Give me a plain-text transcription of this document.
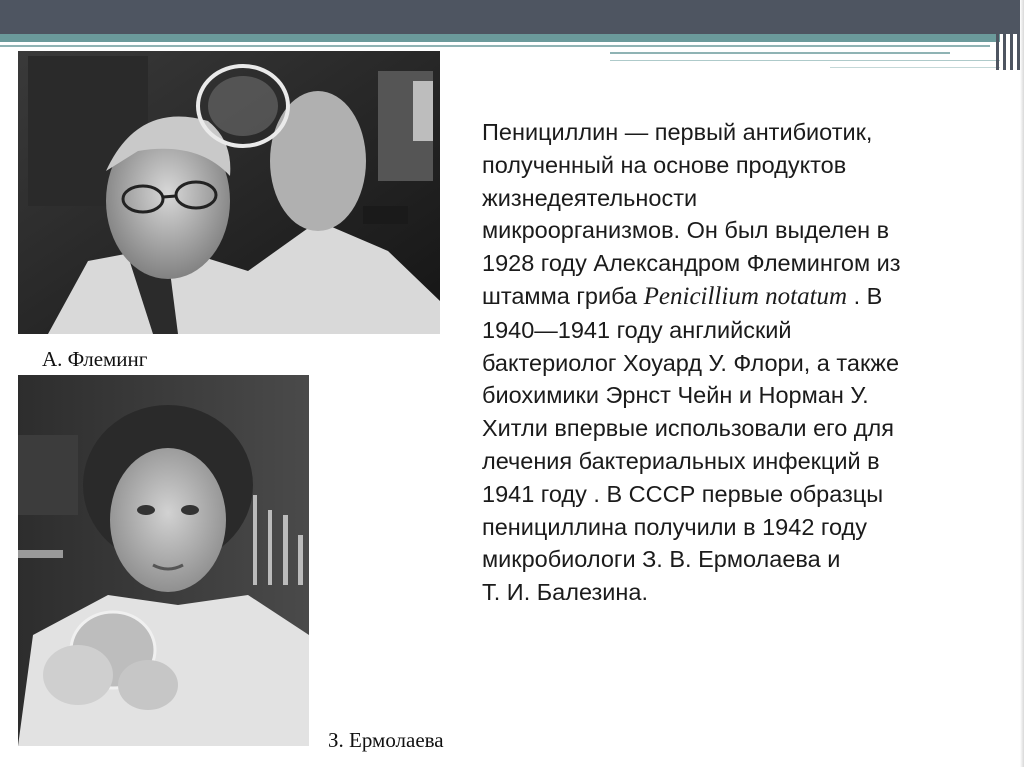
А. Флеминг
З. Ермолаева
Пенициллин — первый антибиотик,
полученный на основе продуктов
жизнедеятельности
микроорганизмов. Он был выделен в
1928 году Александром Флемингом из
штамма гриба Penicillium notatum . В
1940—1941 году английский
бактериолог Хоуард У. Флори, а также
биохимики Эрнст Чейн и Норман У.
Хитли впервые использовали его для
лечения бактериальных инфекций в
1941 году . В СССР первые образцы
пенициллина получили в 1942 году
микробиологи З. В. Ермолаева и
Т. И. Балезина.
